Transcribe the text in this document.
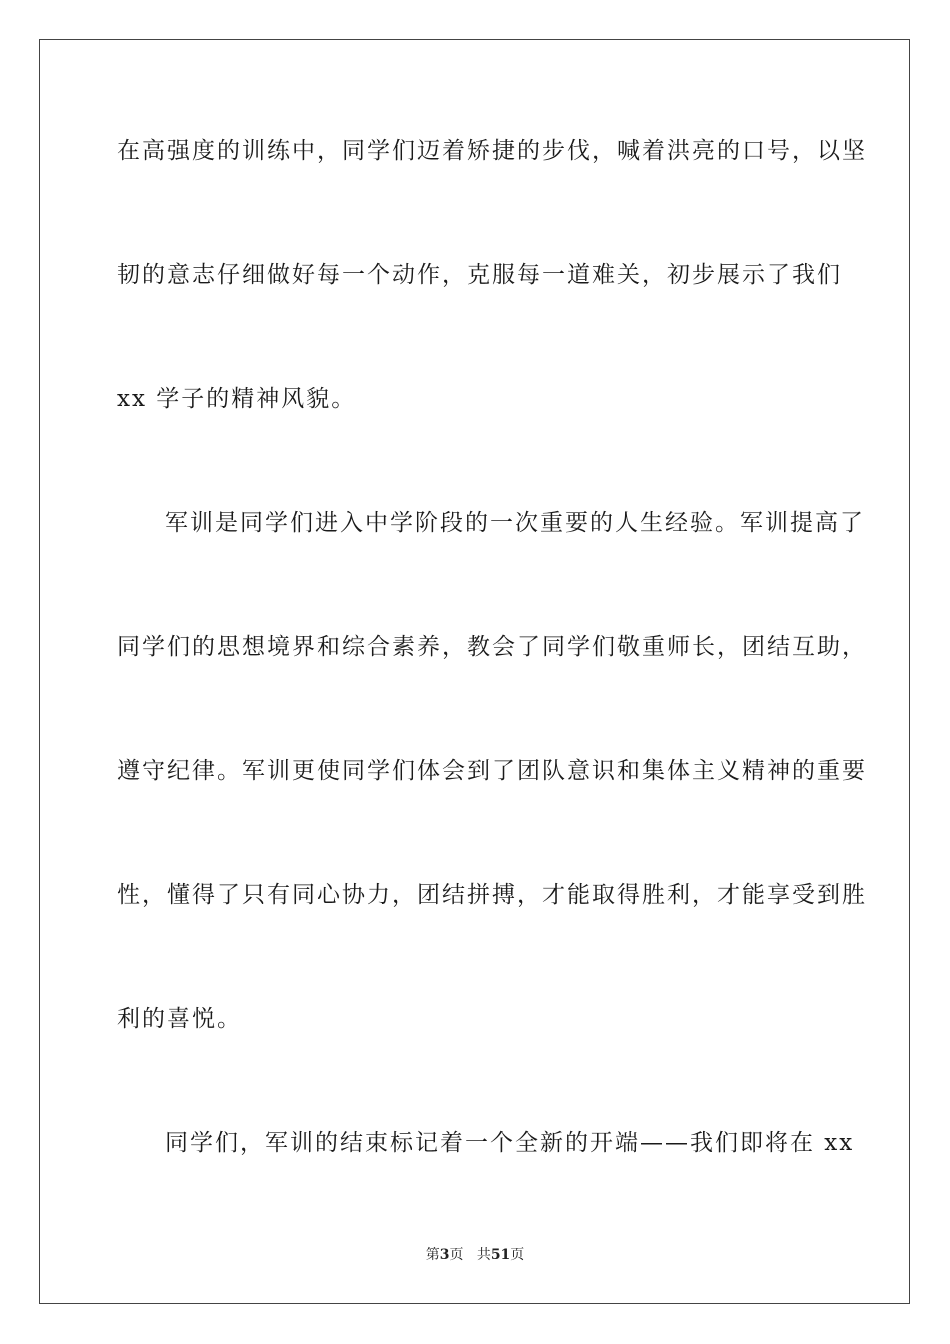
在高强度的训练中，同学们迈着矫捷的步伐，喊着洪亮的口号，以坚
韧的意志仔细做好每一个动作，克服每一道难关，初步展示了我们
xx 学子的精神风貌。
军训是同学们进入中学阶段的一次重要的人生经验。军训提高了
同学们的思想境界和综合素养，教会了同学们敬重师长，团结互助，
遵守纪律。军训更使同学们体会到了团队意识和集体主义精神的重要
性，懂得了只有同心协力，团结拼搏，才能取得胜利，才能享受到胜
利的喜悦。
同学们，军训的结束标记着一个全新的开端——我们即将在 xx
第3页 共51页
